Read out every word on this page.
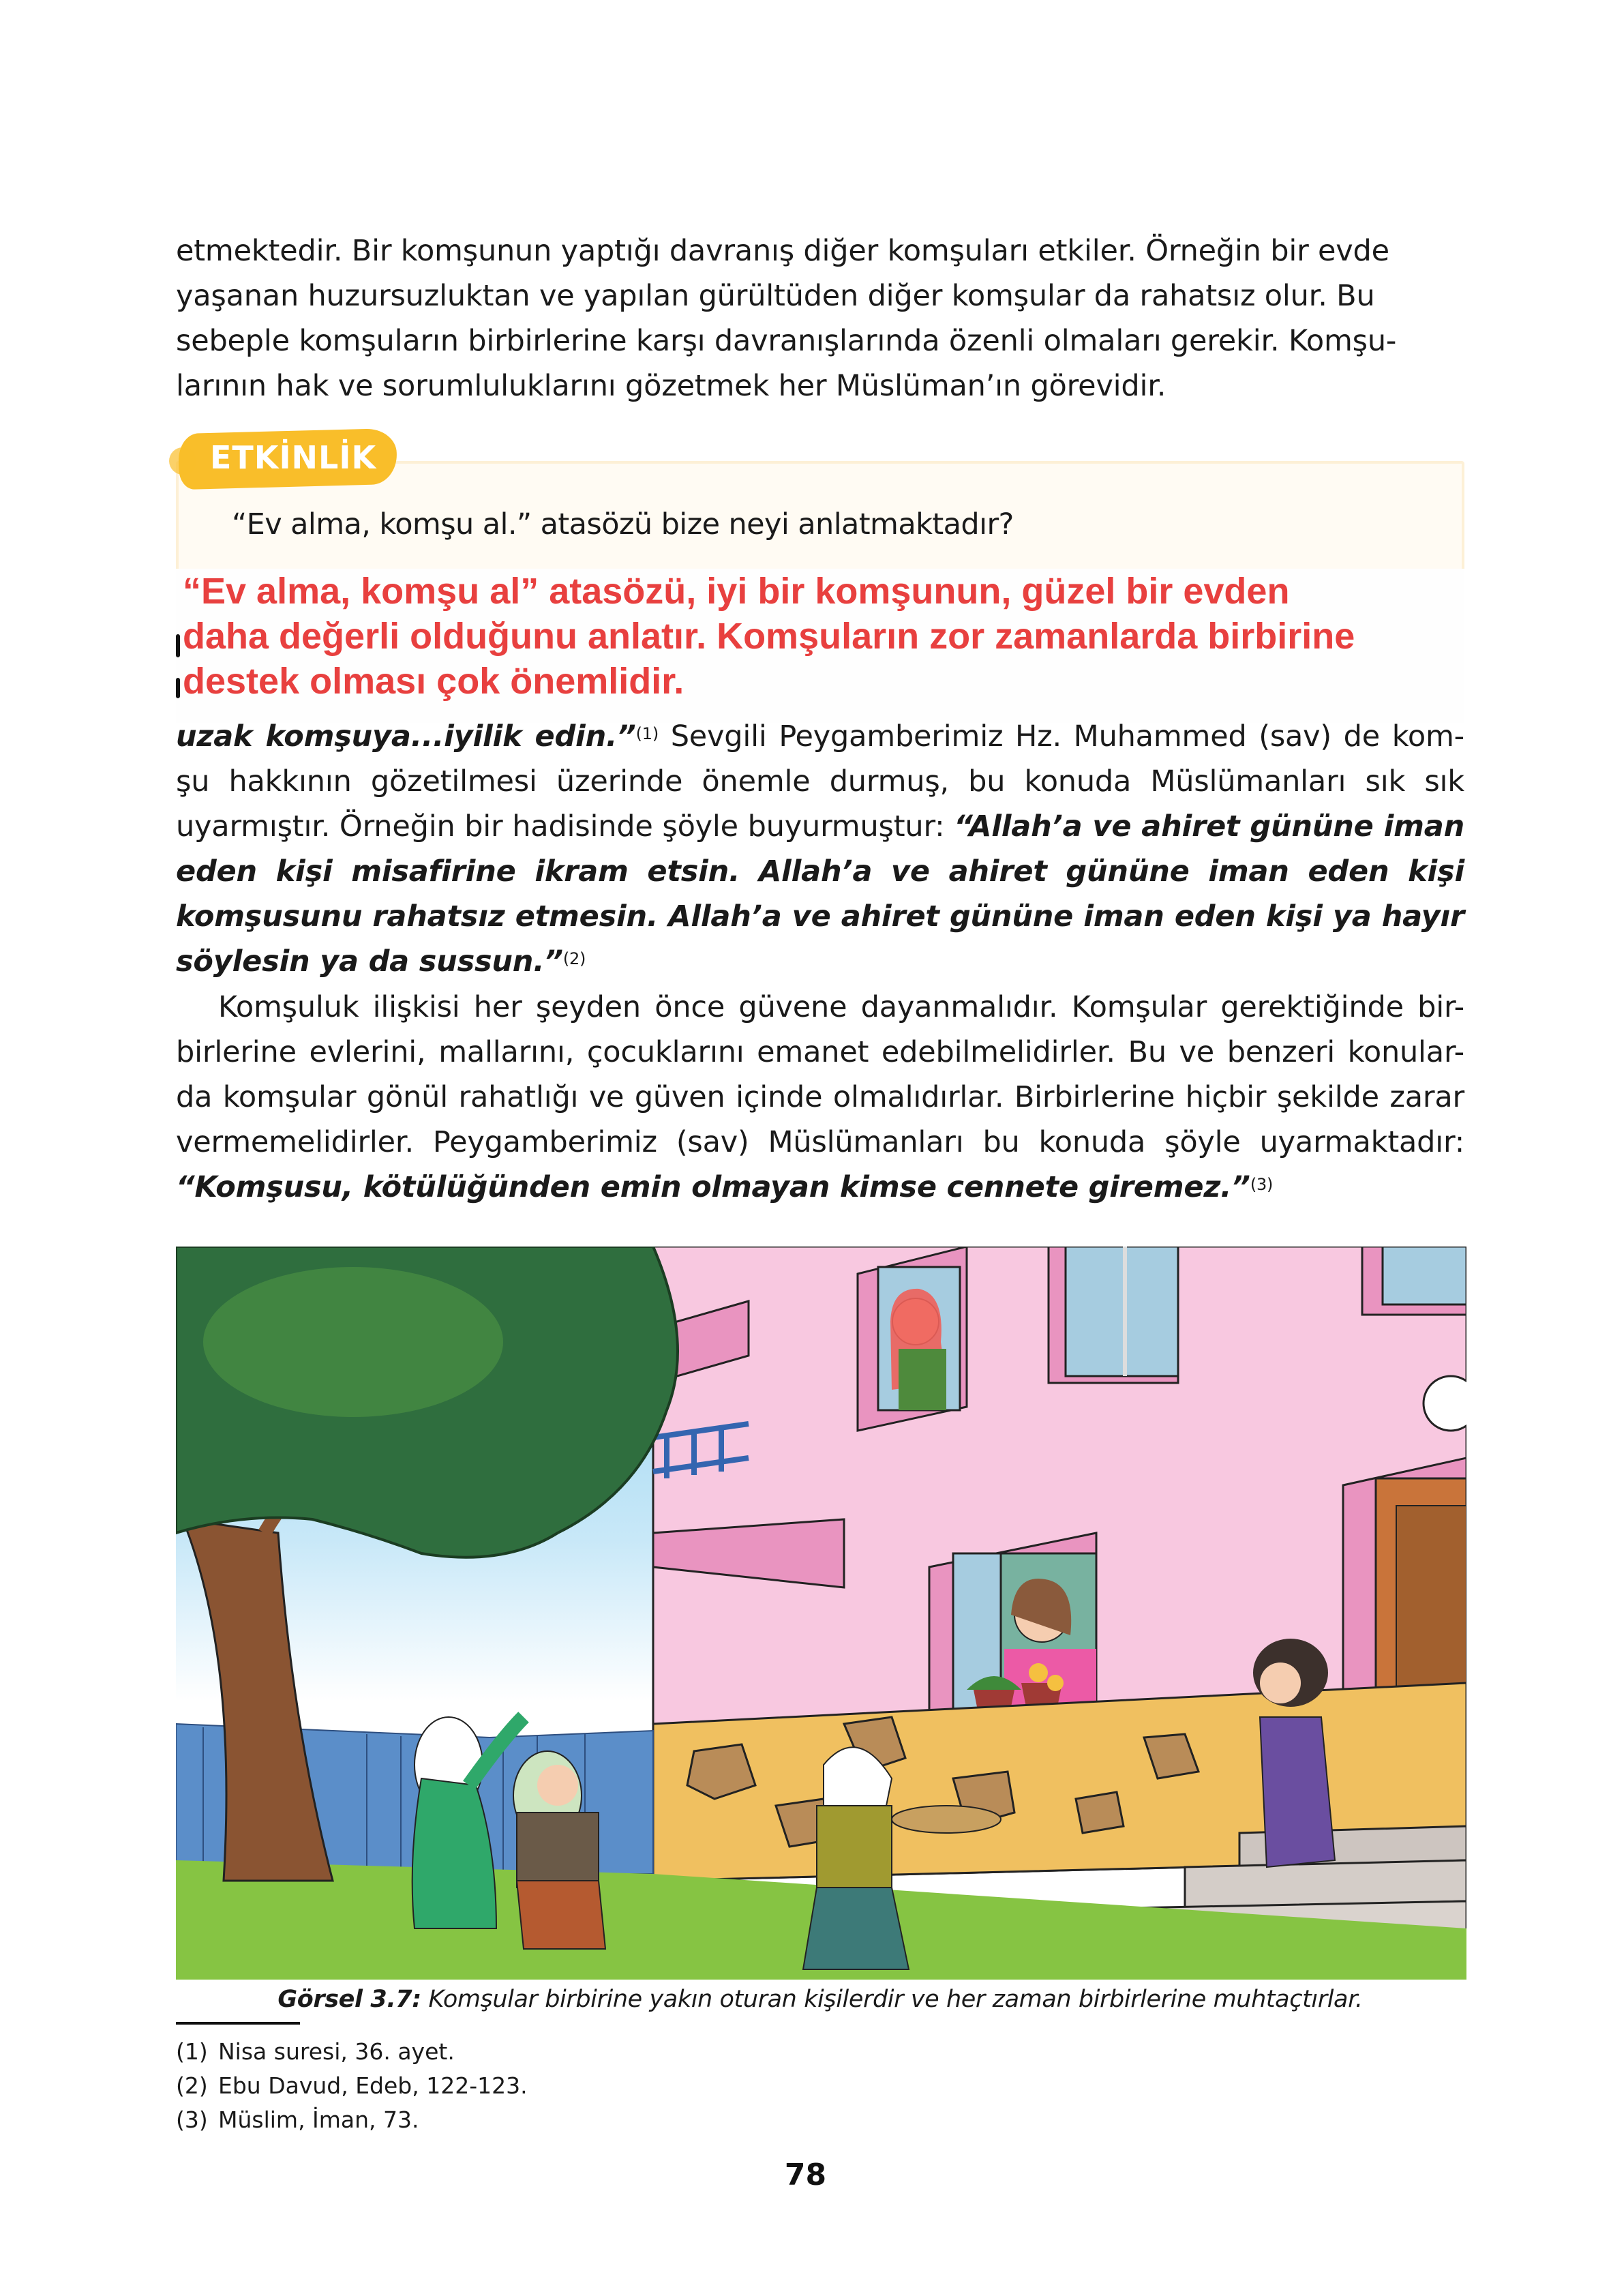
etmektedir. Bir komşunun yaptığı davranış diğer komşuları etkiler. Örneğin bir evde

yaşanan huzursuzluktan ve yapılan gürültüden diğer komşular da rahatsız olur. Bu

sebeple komşuların birbirlerine karşı davranışlarında özenli olmaları gerekir. Komşu-

larının hak ve sorumluluklarını gözetmek her Müslüman’ın görevidir.

ETKİNLİK
“Ev alma, komşu al.” atasözü bize neyi anlatmaktadır?

“Ev alma, komşu al” atasözü, iyi bir komşunun, güzel bir evden

daha değerli olduğunu anlatır. Komşuların zor zamanlarda birbirine

destek olması çok önemlidir.

uzak komşuya...iyilik edin.”$^{(1)}$ Sevgili Peygamberimiz Hz. Muhammed (sav) de kom-şu hakkının gözetilmesi üzerinde önemle durmuş, bu konuda Müslümanları sık sık uyarmıştır. Örneğin bir hadisinde şöyle buyurmuştur: “Allah’a ve ahiret gününe iman eden kişi misafirine ikram etsin. Allah’a ve ahiret gününe iman eden kişi komşusunu rahatsız etmesin. Allah’a ve ahiret gününe iman eden kişi ya hayır söylesin ya da sussun.”$^{(2)}$

Komşuluk ilişkisi her şeyden önce güvene dayanmalıdır. Komşular gerektiğinde bir-birlerine evlerini, mallarını, çocuklarını emanet edebilmelidirler. Bu ve benzeri konular-da komşular gönül rahatlığı ve güven içinde olmalıdırlar. Birbirlerine hiçbir şekilde zarar vermemelidirler. Peygamberimiz (sav) Müslümanları bu konuda şöyle uyarmaktadır: “Komşusu, kötülüğünden emin olmayan kimse cennete giremez.”$^{(3)}$

Görsel 3.7: Komşular birbirine yakın oturan kişilerdir ve her zaman birbirlerine muhtaçtırlar.
(1) Nisa suresi, 36. ayet.
(2) Ebu Davud, Edeb, 122-123.
(3) Müslim, İman, 73.
78
